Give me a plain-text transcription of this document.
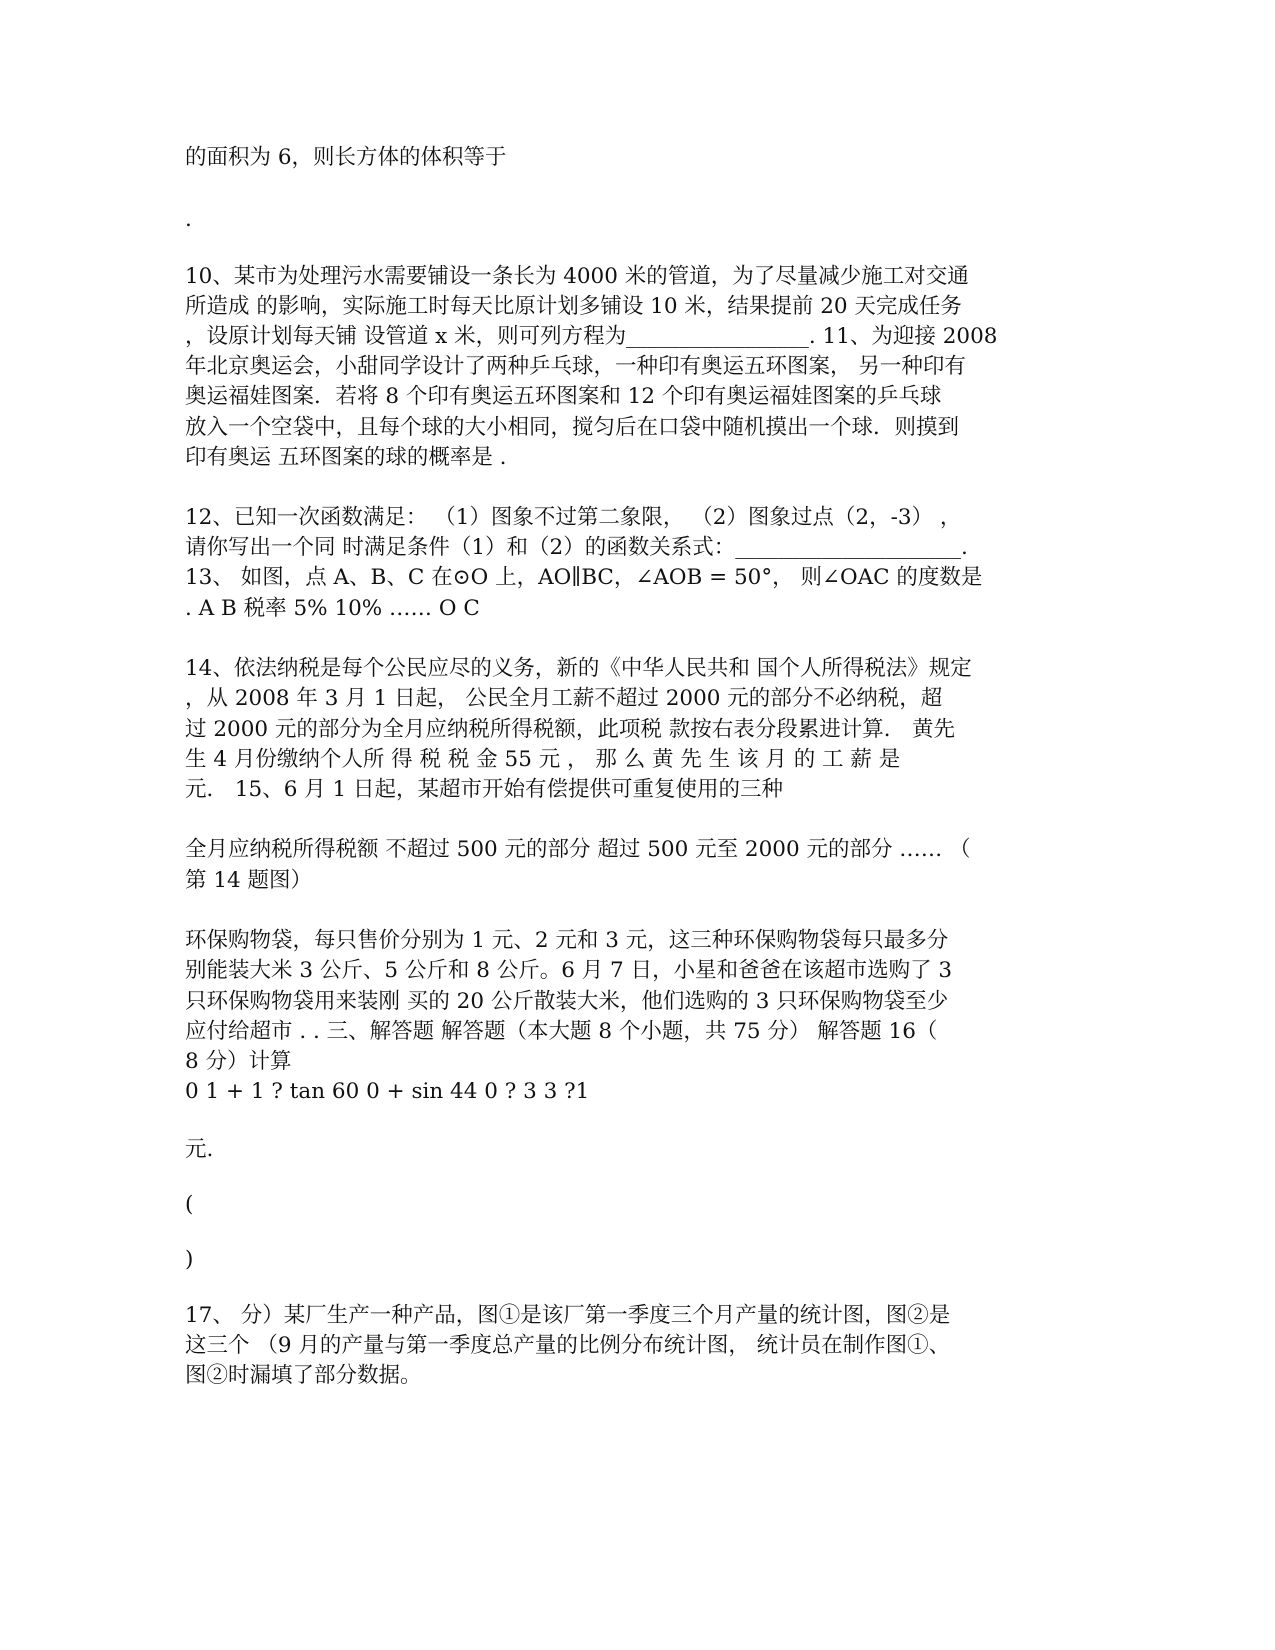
的面积为 6，则长方体的体积等于

.

10、某市为处理污水需要铺设一条长为 4000 米的管道，为了尽量减少施工对交通

所造成 的影响，实际施工时每天比原计划多铺设 10 米，结果提前 20 天完成任务

，设原计划每天铺 设管道 x 米，则可列方程为_________________. 11、为迎接 2008

年北京奥运会，小甜同学设计了两种乒乓球，一种印有奥运五环图案， 另一种印有

奥运福娃图案．若将 8 个印有奥运五环图案和 12 个印有奥运福娃图案的乒乓球

放入一个空袋中，且每个球的大小相同，搅匀后在口袋中随机摸出一个球．则摸到

印有奥运 五环图案的球的概率是 .

12、已知一次函数满足： （1）图象不过第二象限， （2）图象过点（2，-3） ，

请你写出一个同 时满足条件（1）和（2）的函数关系式：_____________________.

13、 如图，点 A、B、C 在⊙O 上，AO∥BC，∠AOB = 50°， 则∠OAC 的度数是

. A B 税率 5% 10% …… O C

14、依法纳税是每个公民应尽的义务，新的《中华人民共和 国个人所得税法》规定

，从 2008 年 3 月 1 日起， 公民全月工薪不超过 2000 元的部分不必纳税，超

过 2000 元的部分为全月应纳税所得税额，此项税 款按右表分段累进计算． 黄先

生 4 月份缴纳个人所 得 税 税 金 55 元 ， 那 么 黄 先 生 该 月 的 工 薪 是

元． 15、6 月 1 日起，某超市开始有偿提供可重复使用的三种

全月应纳税所得税额 不超过 500 元的部分 超过 500 元至 2000 元的部分 …… （

第 14 题图）

环保购物袋，每只售价分别为 1 元、2 元和 3 元，这三种环保购物袋每只最多分

别能装大米 3 公斤、5 公斤和 8 公斤。6 月 7 日，小星和爸爸在该超市选购了 3

只环保购物袋用来装刚 买的 20 公斤散装大米，他们选购的 3 只环保购物袋至少

应付给超市 . . 三、解答题 解答题（本大题 8 个小题，共 75 分） 解答题 16（

8 分）计算

0 1 + 1 ? tan 60 0 + sin 44 0 ? 3 3 ?1

元.

(

)

17、 分）某厂生产一种产品，图①是该厂第一季度三个月产量的统计图，图②是

这三个 （9 月的产量与第一季度总产量的比例分布统计图， 统计员在制作图①、

图②时漏填了部分数据。
